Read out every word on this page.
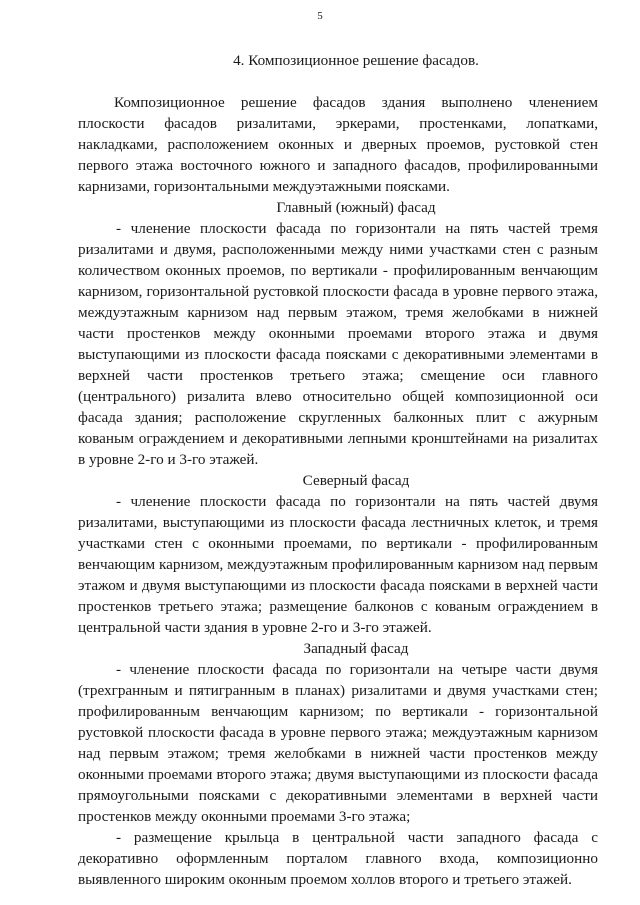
5
4. Композиционное решение фасадов.

Композиционное решение фасадов здания выполнено членением плоскости фасадов ризалитами, эркерами, простенками, лопатками, накладками, расположением оконных и дверных проемов, рустовкой стен первого этажа восточного южного и западного фасадов, профилированными карнизами, горизонтальными междуэтажными поясками.

Главный (южный) фасад

- членение плоскости фасада по горизонтали на пять частей тремя ризалитами и двумя, расположенными между ними участками стен с разным количеством оконных проемов, по вертикали - профилированным венчающим карнизом, горизонтальной рустовкой плоскости фасада в уровне первого этажа, междуэтажным карнизом над первым этажом, тремя желобками в нижней части простенков между оконными проемами второго этажа и двумя выступающими из плоскости фасада поясками с декоративными элементами в верхней части простенков третьего этажа; смещение оси главного (центрального) ризалита влево относительно общей композиционной оси фасада здания; расположение скругленных балконных плит с ажурным кованым ограждением и декоративными лепными кронштейнами на ризалитах в уровне 2-го и 3-го этажей.

Северный фасад

- членение плоскости фасада по горизонтали на пять частей двумя ризалитами, выступающими из плоскости фасада лестничных клеток, и тремя участками стен с оконными проемами, по вертикали - профилированным венчающим карнизом, междуэтажным профилированным карнизом над первым этажом и двумя выступающими из плоскости фасада поясками в верхней части простенков третьего этажа; размещение балконов с кованым ограждением в центральной части здания в уровне 2-го и 3-го этажей.

Западный фасад

- членение плоскости фасада по горизонтали на четыре части двумя (трехгранным и пятигранным в планах) ризалитами и двумя участками стен; профилированным венчающим карнизом; по вертикали - горизонтальной рустовкой плоскости фасада в уровне первого этажа; междуэтажным карнизом над первым этажом; тремя желобками в нижней части простенков между оконными проемами второго этажа; двумя выступающими из плоскости фасада прямоугольными поясками с декоративными элементами в верхней части простенков между оконными проемами 3-го этажа;

- размещение крыльца в центральной части западного фасада с декоративно оформленным порталом главного входа, композиционно выявленного широким оконным проемом холлов второго и третьего этажей.
